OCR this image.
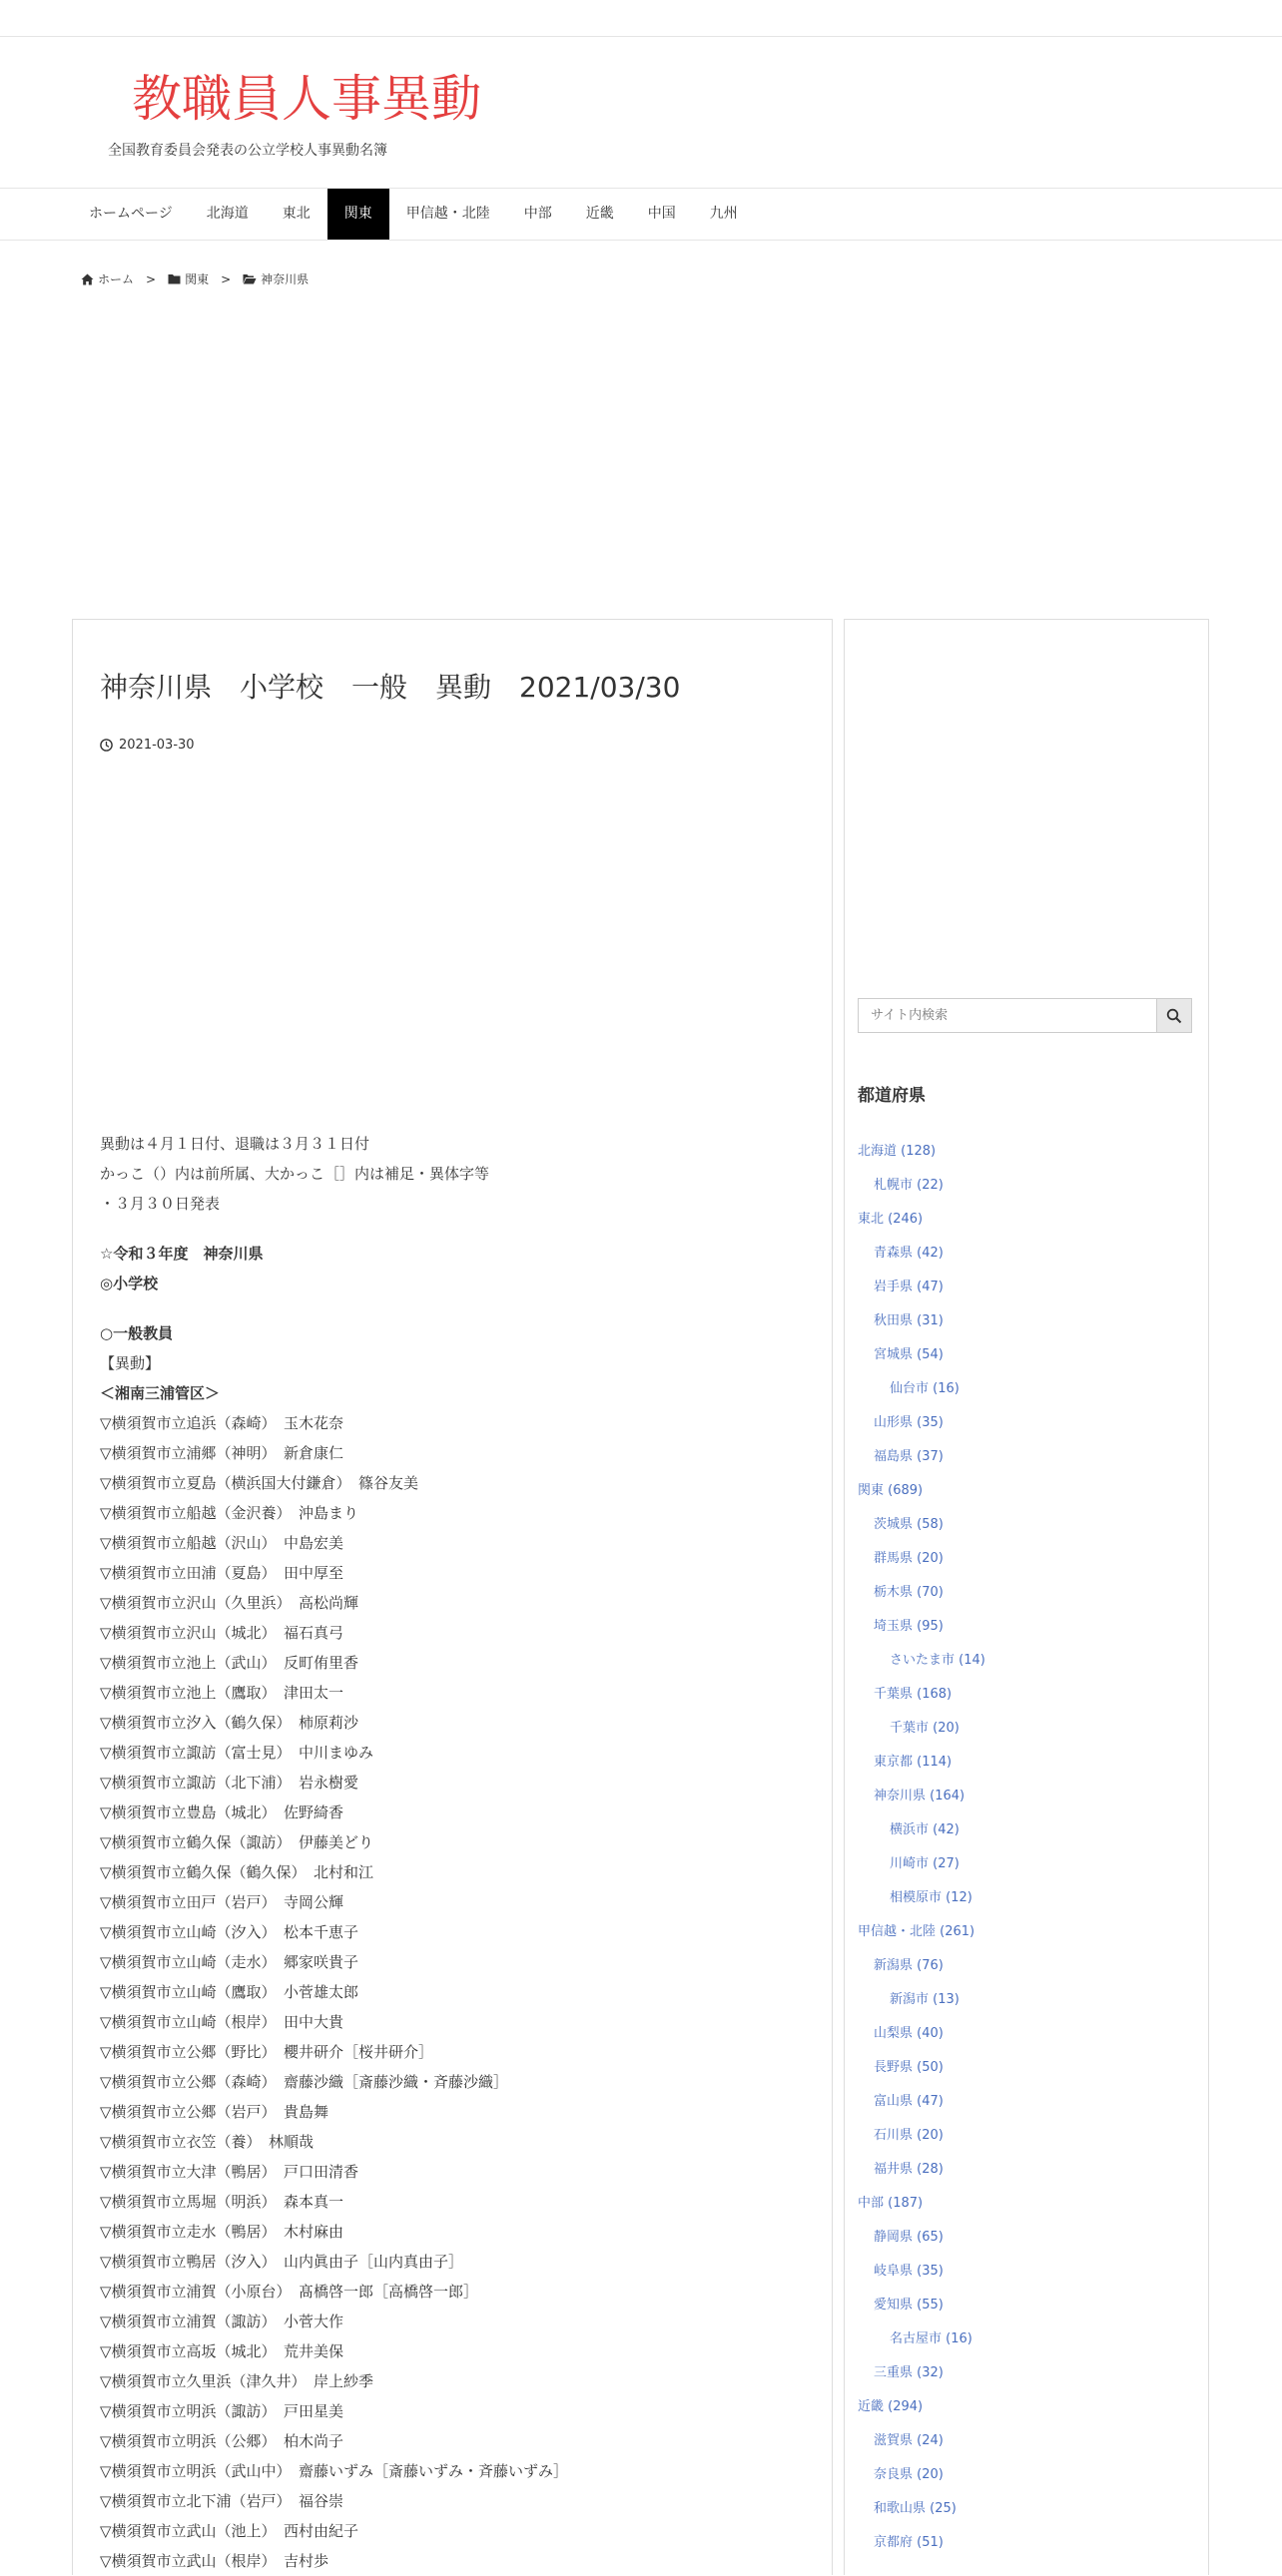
教職員人事異動
全国教育委員会発表の公立学校人事異動名簿
ホームページ	北海道	東北	関東	甲信越・北陸	中部	近畿	中国	九州
ホーム > 関東 >	神奈川県
神奈川県　小学校　一般　異動　2021/03/30
2021-03-30

異動は４月１日付、退職は３月３１日付

かっこ（）内は前所属、大かっこ［］内は補足・異体字等

・３月３０日発表

☆令和３年度　神奈川県

◎小学校

○一般教員

【異動】

＜湘南三浦管区＞

▽横須賀市立追浜（森崎）　玉木花奈

▽横須賀市立浦郷（神明）　新倉康仁

▽横須賀市立夏島（横浜国大付鎌倉）　篠谷友美

▽横須賀市立船越（金沢養）　沖島まり

▽横須賀市立船越（沢山）　中島宏美

▽横須賀市立田浦（夏島）　田中厚至

▽横須賀市立沢山（久里浜）　高松尚輝

▽横須賀市立沢山（城北）　福石真弓

▽横須賀市立池上（武山）　反町侑里香

▽横須賀市立池上（鷹取）　津田太一

▽横須賀市立汐入（鶴久保）　柿原莉沙

▽横須賀市立諏訪（富士見）　中川まゆみ

▽横須賀市立諏訪（北下浦）　岩永樹愛

▽横須賀市立豊島（城北）　佐野綺香

▽横須賀市立鶴久保（諏訪）　伊藤美どり

▽横須賀市立鶴久保（鶴久保）　北村和江

▽横須賀市立田戸（岩戸）　寺岡公輝

▽横須賀市立山崎（汐入）　松本千恵子

▽横須賀市立山崎（走水）　郷家咲貴子

▽横須賀市立山崎（鷹取）　小菅雄太郎

▽横須賀市立山崎（根岸）　田中大貴

▽横須賀市立公郷（野比）　櫻井研介［桜井研介］

▽横須賀市立公郷（森崎）　齋藤沙織［斎藤沙織・斉藤沙織］

▽横須賀市立公郷（岩戸）　貴島舞

▽横須賀市立衣笠（養）　林順哉

▽横須賀市立大津（鴨居）　戸口田清香

▽横須賀市立馬堀（明浜）　森本真一

▽横須賀市立走水（鴨居）　木村麻由

▽横須賀市立鴨居（汐入）　山内眞由子［山内真由子］

▽横須賀市立浦賀（小原台）　髙橋啓一郎［高橋啓一郎］

▽横須賀市立浦賀（諏訪）　小菅大作

▽横須賀市立高坂（城北）　荒井美保

▽横須賀市立久里浜（津久井）　岸上紗季

▽横須賀市立明浜（諏訪）　戸田星美

▽横須賀市立明浜（公郷）　柏木尚子

▽横須賀市立明浜（武山中）　齋藤いずみ［斎藤いずみ・斉藤いずみ］

▽横須賀市立北下浦（岩戸）　福谷崇

▽横須賀市立武山（池上）　西村由紀子

▽横須賀市立武山（根岸）　吉村歩

サイト内検索
都道府県
北海道 (128)
札幌市 (22)
東北 (246)
青森県 (42)
岩手県 (47)
秋田県 (31)
宮城県 (54)
仙台市 (16)
山形県 (35)
福島県 (37)
関東 (689)
茨城県 (58)
群馬県 (20)
栃木県 (70)
埼玉県 (95)
さいたま市 (14)
千葉県 (168)
千葉市 (20)
東京都 (114)
神奈川県 (164)
横浜市 (42)
川崎市 (27)
相模原市 (12)
甲信越・北陸 (261)
新潟県 (76)
新潟市 (13)
山梨県 (40)
長野県 (50)
富山県 (47)
石川県 (20)
福井県 (28)
中部 (187)
静岡県 (65)
岐阜県 (35)
愛知県 (55)
名古屋市 (16)
三重県 (32)
近畿 (294)
滋賀県 (24)
奈良県 (20)
和歌山県 (25)
京都府 (51)
